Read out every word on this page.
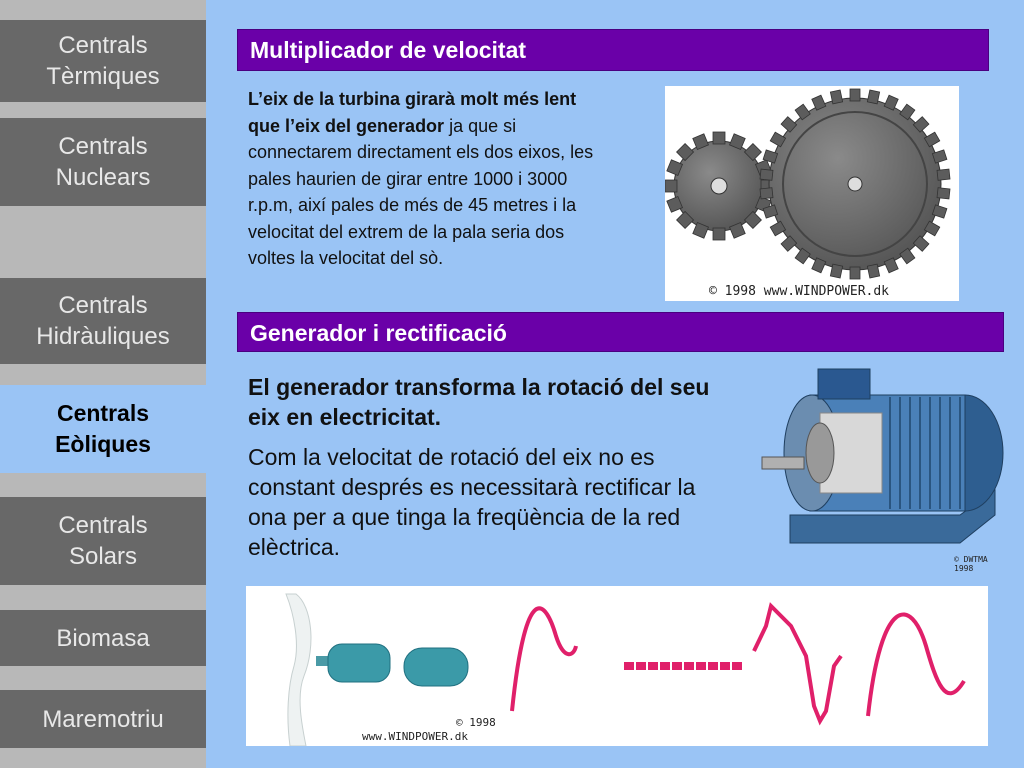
Centrals
Tèrmiques
Centrals
Nuclears
Centrals
Hidràuliques
Centrals
Eòliques
Centrals
Solars
Biomasa
Maremotriu
Multiplicador de velocitat
L’eix de la turbina girarà molt més lent que l’eix del generador ja que si connectarem directament els dos eixos, les pales haurien de girar entre 1000 i 3000 r.p.m, així pales de més de 45 metres i la velocitat del extrem de la pala seria dos voltes la velocitat del sò.
© 1998 www.WINDPOWER.dk
Generador i rectificació
El generador transforma la rotació del seu eix en electricitat.
Com la velocitat de rotació del eix no es constant després es necessitarà rectificar la ona per a que tinga la freqüència de la red elèctrica.	© DWTMA 1998
© 1998
www.WINDPOWER.dk
